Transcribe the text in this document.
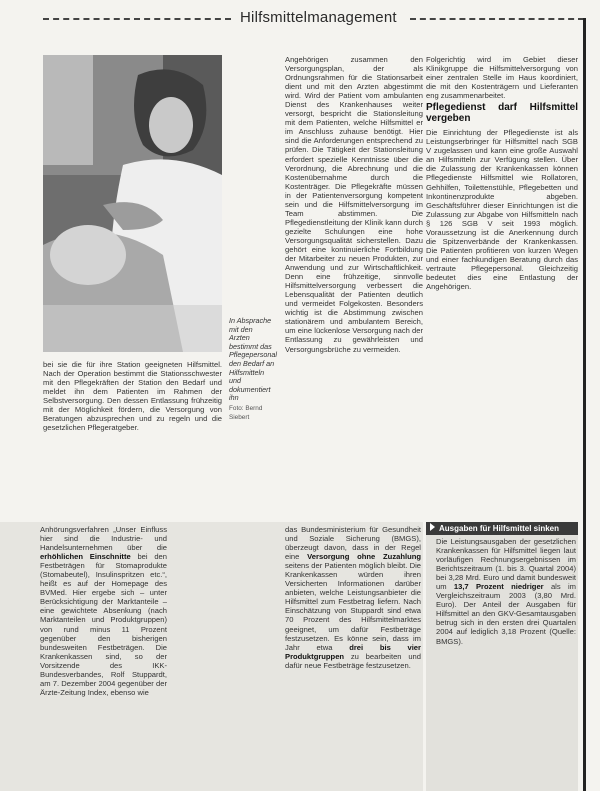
Hilfsmittelmanagement
In Absprache mit den Arzten bestimmt das Pflegepersonal den Bedarf an Hilfsmitteln und dokumentiert ihn
Foto: Bernd Siebert

bei sie die für ihre Station geeigneten Hilfsmittel. Nach der Operation bestimmt die Stationsschwester mit den Pflegekräften der Station den Bedarf und meldet ihn dem Patienten im Rahmen der Selbstversorgung. Den dessen Entlassung frühzeitig mit der Möglichkeit fördern, die Versorgung von Beratungen abzusprechen und zu regeln und die gesetzlichen Pflegeratgeber.

Angehörigen zusammen den Versorgungsplan, der als Ordnungsrahmen für die Stationsarbeit dient und mit den Arzten abgestimmt wird. Wird der Patient vom ambulanten Dienst des Krankenhauses weiter versorgt, bespricht die Stationsleitung mit dem Patienten, welche Hilfsmittel er im Anschluss zuhause benötigt. Hier sind die Anforderungen entsprechend zu prüfen. Die Tätigkeit der Stationsleitung erfordert spezielle Kenntnisse über die Verordnung, die Abrechnung und die Kostenübernahme durch die Kostenträger. Die Pflegekräfte müssen in der Patientenversorgung kompetent sein und die Hilfsmittelversorgung im Team abstimmen. Die Pflegedienstleitung der Klinik kann durch gezielte Schulungen eine hohe Versorgungsqualität sicherstellen. Dazu gehört eine kontinuierliche Fortbildung der Mitarbeiter zu neuen Produkten, zur Anwendung und zur Wirtschaftlichkeit. Denn eine frühzeitige, sinnvolle Hilfsmittelversorgung verbessert die Lebensqualität der Patienten deutlich und vermeidet Folgekosten. Besonders wichtig ist die Abstimmung zwischen stationärem und ambulantem Bereich, um eine lückenlose Versorgung nach der Entlassung zu gewährleisten und Versorgungsbrüche zu vermeiden.

Folgerichtig wird im Gebiet dieser Klinikgruppe die Hilfsmittelversorgung von einer zentralen Stelle im Haus koordiniert, die mit den Kostenträgern und Lieferanten eng zusammenarbeitet.

Pflegedienst darf Hilfsmittel vergeben

Die Einrichtung der Pflegedienste ist als Leistungserbringer für Hilfsmittel nach SGB V zugelassen und kann eine große Auswahl an Hilfsmitteln zur Verfügung stellen. Über die Zulassung der Krankenkassen können Pflegedienste Hilfsmittel wie Rollatoren, Gehhilfen, Toilettenstühle, Pflegebetten und Inkontinenzprodukte abgeben. Geschäftsführer dieser Einrichtungen ist die Zulassung zur Abgabe von Hilfsmitteln nach § 126 SGB V seit 1993 möglich. Voraussetzung ist die Anerkennung durch die Spitzenverbände der Krankenkassen. Die Patienten profitieren von kurzen Wegen und einer fachkundigen Beratung durch das vertraute Pflegepersonal. Gleichzeitig bedeutet dies eine Entlastung der Angehörigen.

Anhörungsverfahren „Unser Einfluss hier sind die Industrie- und Handelsunternehmen über die erhöhlichen Einschnitte bei den Festbeträgen für Stomaprodukte (Stomabeutel), Insulinspritzen etc.“, heißt es auf der Homepage des BVMed. Hier ergebe sich – unter Berücksichtigung der Marktanteile – eine gewichtete Absenkung (nach Marktanteilen und Produktgruppen) von rund minus 11 Prozent gegenüber den bisherigen bundesweiten Festbeträgen. Die Krankenkassen sind, so der Vorsitzende des IKK-Bundesverbandes, Rolf Stuppardt, am 7. Dezember 2004 gegenüber der Ärzte-Zeitung Index, ebenso wie

das Bundesministerium für Gesundheit und Soziale Sicherung (BMGS), überzeugt davon, dass in der Regel eine Versorgung ohne Zuzahlung seitens der Patienten möglich bleibt. Die Krankenkassen würden ihren Versicherten Informationen darüber anbieten, welche Leistungsanbieter die Hilfsmittel zum Festbetrag liefern. Nach Einschätzung von Stuppardt sind etwa 70 Prozent des Hilfsmittelmarktes geeignet, um dafür Festbeträge festzusetzen. Es könne sein, dass im Jahr etwa drei bis vier Produktgruppen zu bearbeiten und dafür neue Festbeträge festzusetzen.

Ausgaben für Hilfsmittel sinken

Die Leistungsausgaben der gesetzlichen Krankenkassen für Hilfsmittel liegen laut vorläufigen Rechnungsergebnissen im Berichtszeitraum (1. bis 3. Quartal 2004) bei 3,28 Mrd. Euro und damit bundesweit um 13,7 Prozent niedriger als im Vergleichszeitraum 2003 (3,80 Mrd. Euro). Der Anteil der Ausgaben für Hilfsmittel an den GKV-Gesamtausgaben betrug sich in den ersten drei Quartalen 2004 auf lediglich 3,18 Prozent (Quelle: BMGS).
